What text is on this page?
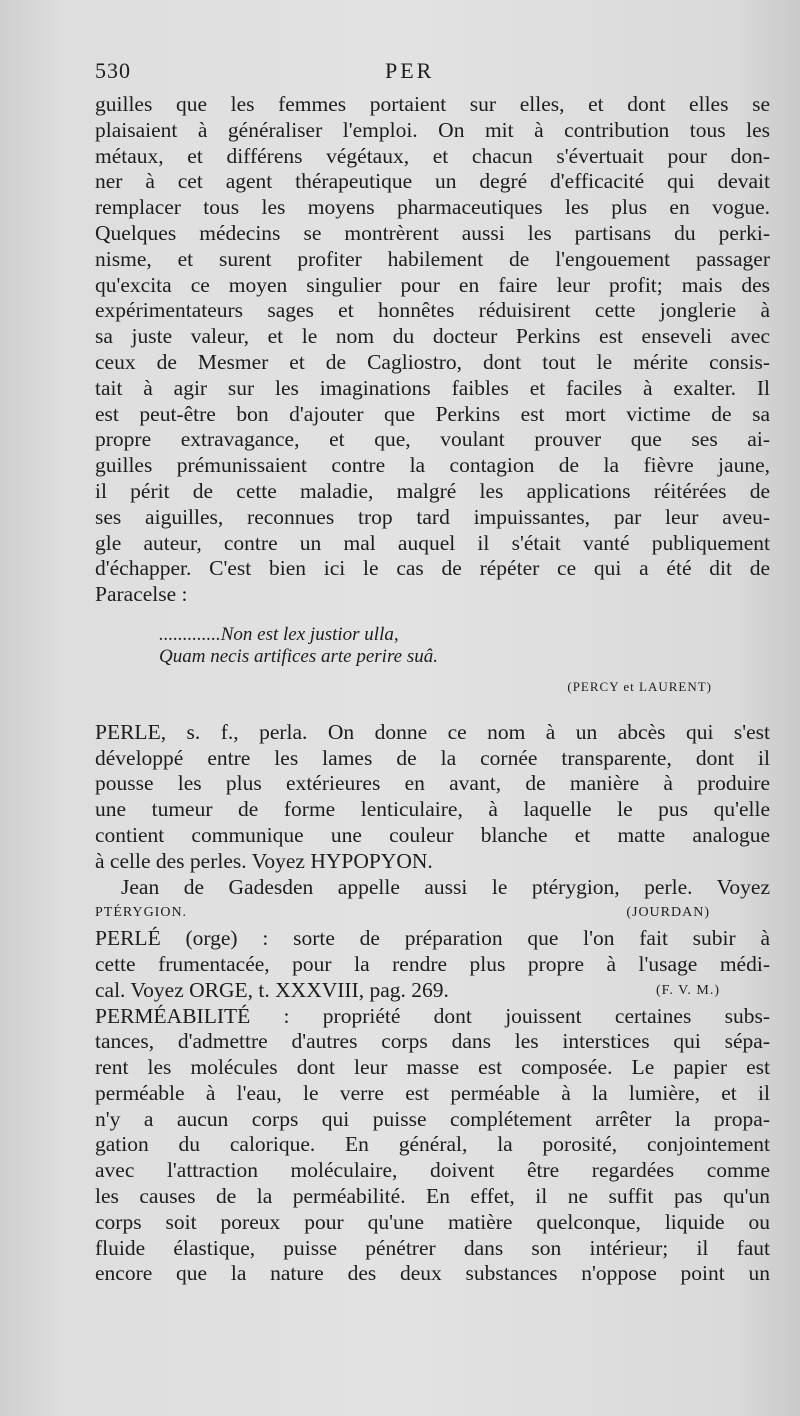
530	PER

guilles que les femmes portaient sur elles, et dont elles se

plaisaient à généraliser l'emploi. On mit à contribution tous les

métaux, et différens végétaux, et chacun s'évertuait pour don-

ner à cet agent thérapeutique un degré d'efficacité qui devait

remplacer tous les moyens pharmaceutiques les plus en vogue.

Quelques médecins se montrèrent aussi les partisans du perki-

nisme, et surent profiter habilement de l'engouement passager

qu'excita ce moyen singulier pour en faire leur profit; mais des

expérimentateurs sages et honnêtes réduisirent cette jonglerie à

sa juste valeur, et le nom du docteur Perkins est enseveli avec

ceux de Mesmer et de Cagliostro, dont tout le mérite consis-

tait à agir sur les imaginations faibles et faciles à exalter. Il

est peut-être bon d'ajouter que Perkins est mort victime de sa

propre extravagance, et que, voulant prouver que ses ai-

guilles prémunissaient contre la contagion de la fièvre jaune,

il périt de cette maladie, malgré les applications réitérées de

ses aiguilles, reconnues trop tard impuissantes, par leur aveu-

gle auteur, contre un mal auquel il s'était vanté publiquement

d'échapper. C'est bien ici le cas de répéter ce qui a été dit de

Paracelse :

.............Non est lex justior ulla,
Quam necis artifices arte perire suâ.
(PERCY et LAURENT)

PERLE, s. f., perla. On donne ce nom à un abcès qui s'est

développé entre les lames de la cornée transparente, dont il

pousse les plus extérieures en avant, de manière à produire

une tumeur de forme lenticulaire, à laquelle le pus qu'elle

contient communique une couleur blanche et matte analogue

à celle des perles. Voyez HYPOPYON.

Jean de Gadesden appelle aussi le ptérygion, perle. Voyez

PTÉRYGION.	(JOURDAN)

PERLÉ (orge) : sorte de préparation que l'on fait subir à

cette frumentacée, pour la rendre plus propre à l'usage médi-

cal. Voyez ORGE, t. XXXVIII, pag. 269.	(F. V. M.)

PERMÉABILITÉ : propriété dont jouissent certaines subs-

tances, d'admettre d'autres corps dans les interstices qui sépa-

rent les molécules dont leur masse est composée. Le papier est

perméable à l'eau, le verre est perméable à la lumière, et il

n'y a aucun corps qui puisse complétement arrêter la propa-

gation du calorique. En général, la porosité, conjointement

avec l'attraction moléculaire, doivent être regardées comme

les causes de la perméabilité. En effet, il ne suffit pas qu'un

corps soit poreux pour qu'une matière quelconque, liquide ou

fluide élastique, puisse pénétrer dans son intérieur; il faut

encore que la nature des deux substances n'oppose point un
